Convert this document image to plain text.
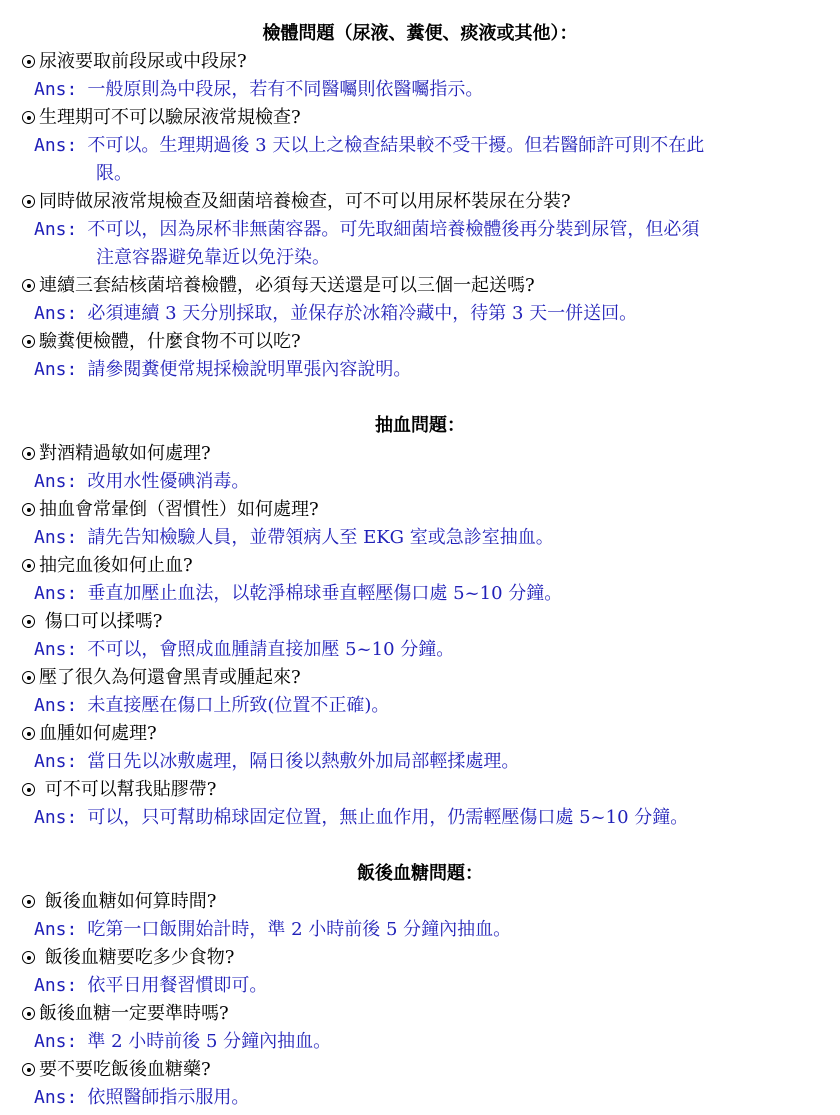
檢體問題（尿液、糞便、痰液或其他）：
尿液要取前段尿或中段尿?
Ans: 一般原則為中段尿，若有不同醫囑則依醫囑指示。
生理期可不可以驗尿液常規檢查?
Ans: 不可以。生理期過後 3 天以上之檢查結果較不受干擾。但若醫師許可則不在此
限。
同時做尿液常規檢查及細菌培養檢查，可不可以用尿杯裝尿在分裝?
Ans: 不可以，因為尿杯非無菌容器。可先取細菌培養檢體後再分裝到尿管，但必須
注意容器避免靠近以免汙染。
連續三套結核菌培養檢體，必須每天送還是可以三個一起送嗎?
Ans: 必須連續 3 天分別採取，並保存於冰箱冷藏中，待第 3 天一併送回。
驗糞便檢體，什麼食物不可以吃?
Ans: 請參閱糞便常規採檢說明單張內容說明。
抽血問題：
對酒精過敏如何處理?
Ans: 改用水性優碘消毒。
抽血會常暈倒（習慣性）如何處理?
Ans: 請先告知檢驗人員，並帶領病人至 EKG 室或急診室抽血。
抽完血後如何止血?
Ans: 垂直加壓止血法，以乾淨棉球垂直輕壓傷口處 5~10 分鐘。
傷口可以揉嗎?
Ans: 不可以，會照成血腫請直接加壓 5~10 分鐘。
壓了很久為何還會黑青或腫起來?
Ans: 未直接壓在傷口上所致(位置不正確)。
血腫如何處理?
Ans: 當日先以冰敷處理，隔日後以熱敷外加局部輕揉處理。
可不可以幫我貼膠帶?
Ans: 可以，只可幫助棉球固定位置，無止血作用，仍需輕壓傷口處 5~10 分鐘。
飯後血糖問題：
飯後血糖如何算時間?
Ans: 吃第一口飯開始計時，準 2 小時前後 5 分鐘內抽血。
飯後血糖要吃多少食物?
Ans: 依平日用餐習慣即可。
飯後血糖一定要準時嗎?
Ans: 準 2 小時前後 5 分鐘內抽血。
要不要吃飯後血糖藥?
Ans: 依照醫師指示服用。
